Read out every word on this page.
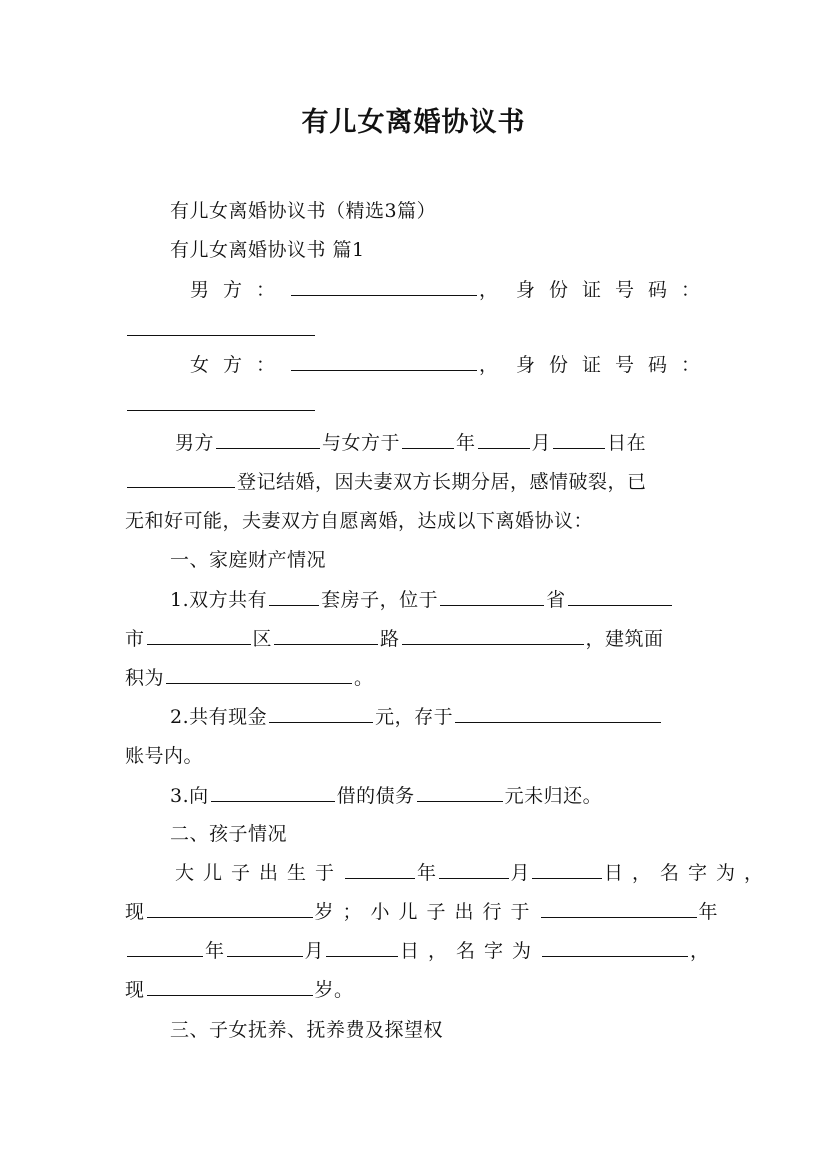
有儿女离婚协议书
有儿女离婚协议书（精选3篇）
有儿女离婚协议书 篇1
男方：	， 身份证号码：
女方：	， 身份证号码：
男方	与女方于	年	月	日在
登记结婚，因夫妻双方长期分居，感情破裂，已
无和好可能，夫妻双方自愿离婚，达成以下离婚协议：
一、家庭财产情况
1.双方共有	套房子，位于	省
市	区	路	，建筑面
积为	。
2.共有现金	元，存于
账号内。
3.向	借的债务	元未归还。
二、孩子情况
大儿子出生于	年	月	日，名字为，
现	岁；小儿子出行于	年
年	月	日，名字为	，
现	岁。
三、子女抚养、抚养费及探望权
